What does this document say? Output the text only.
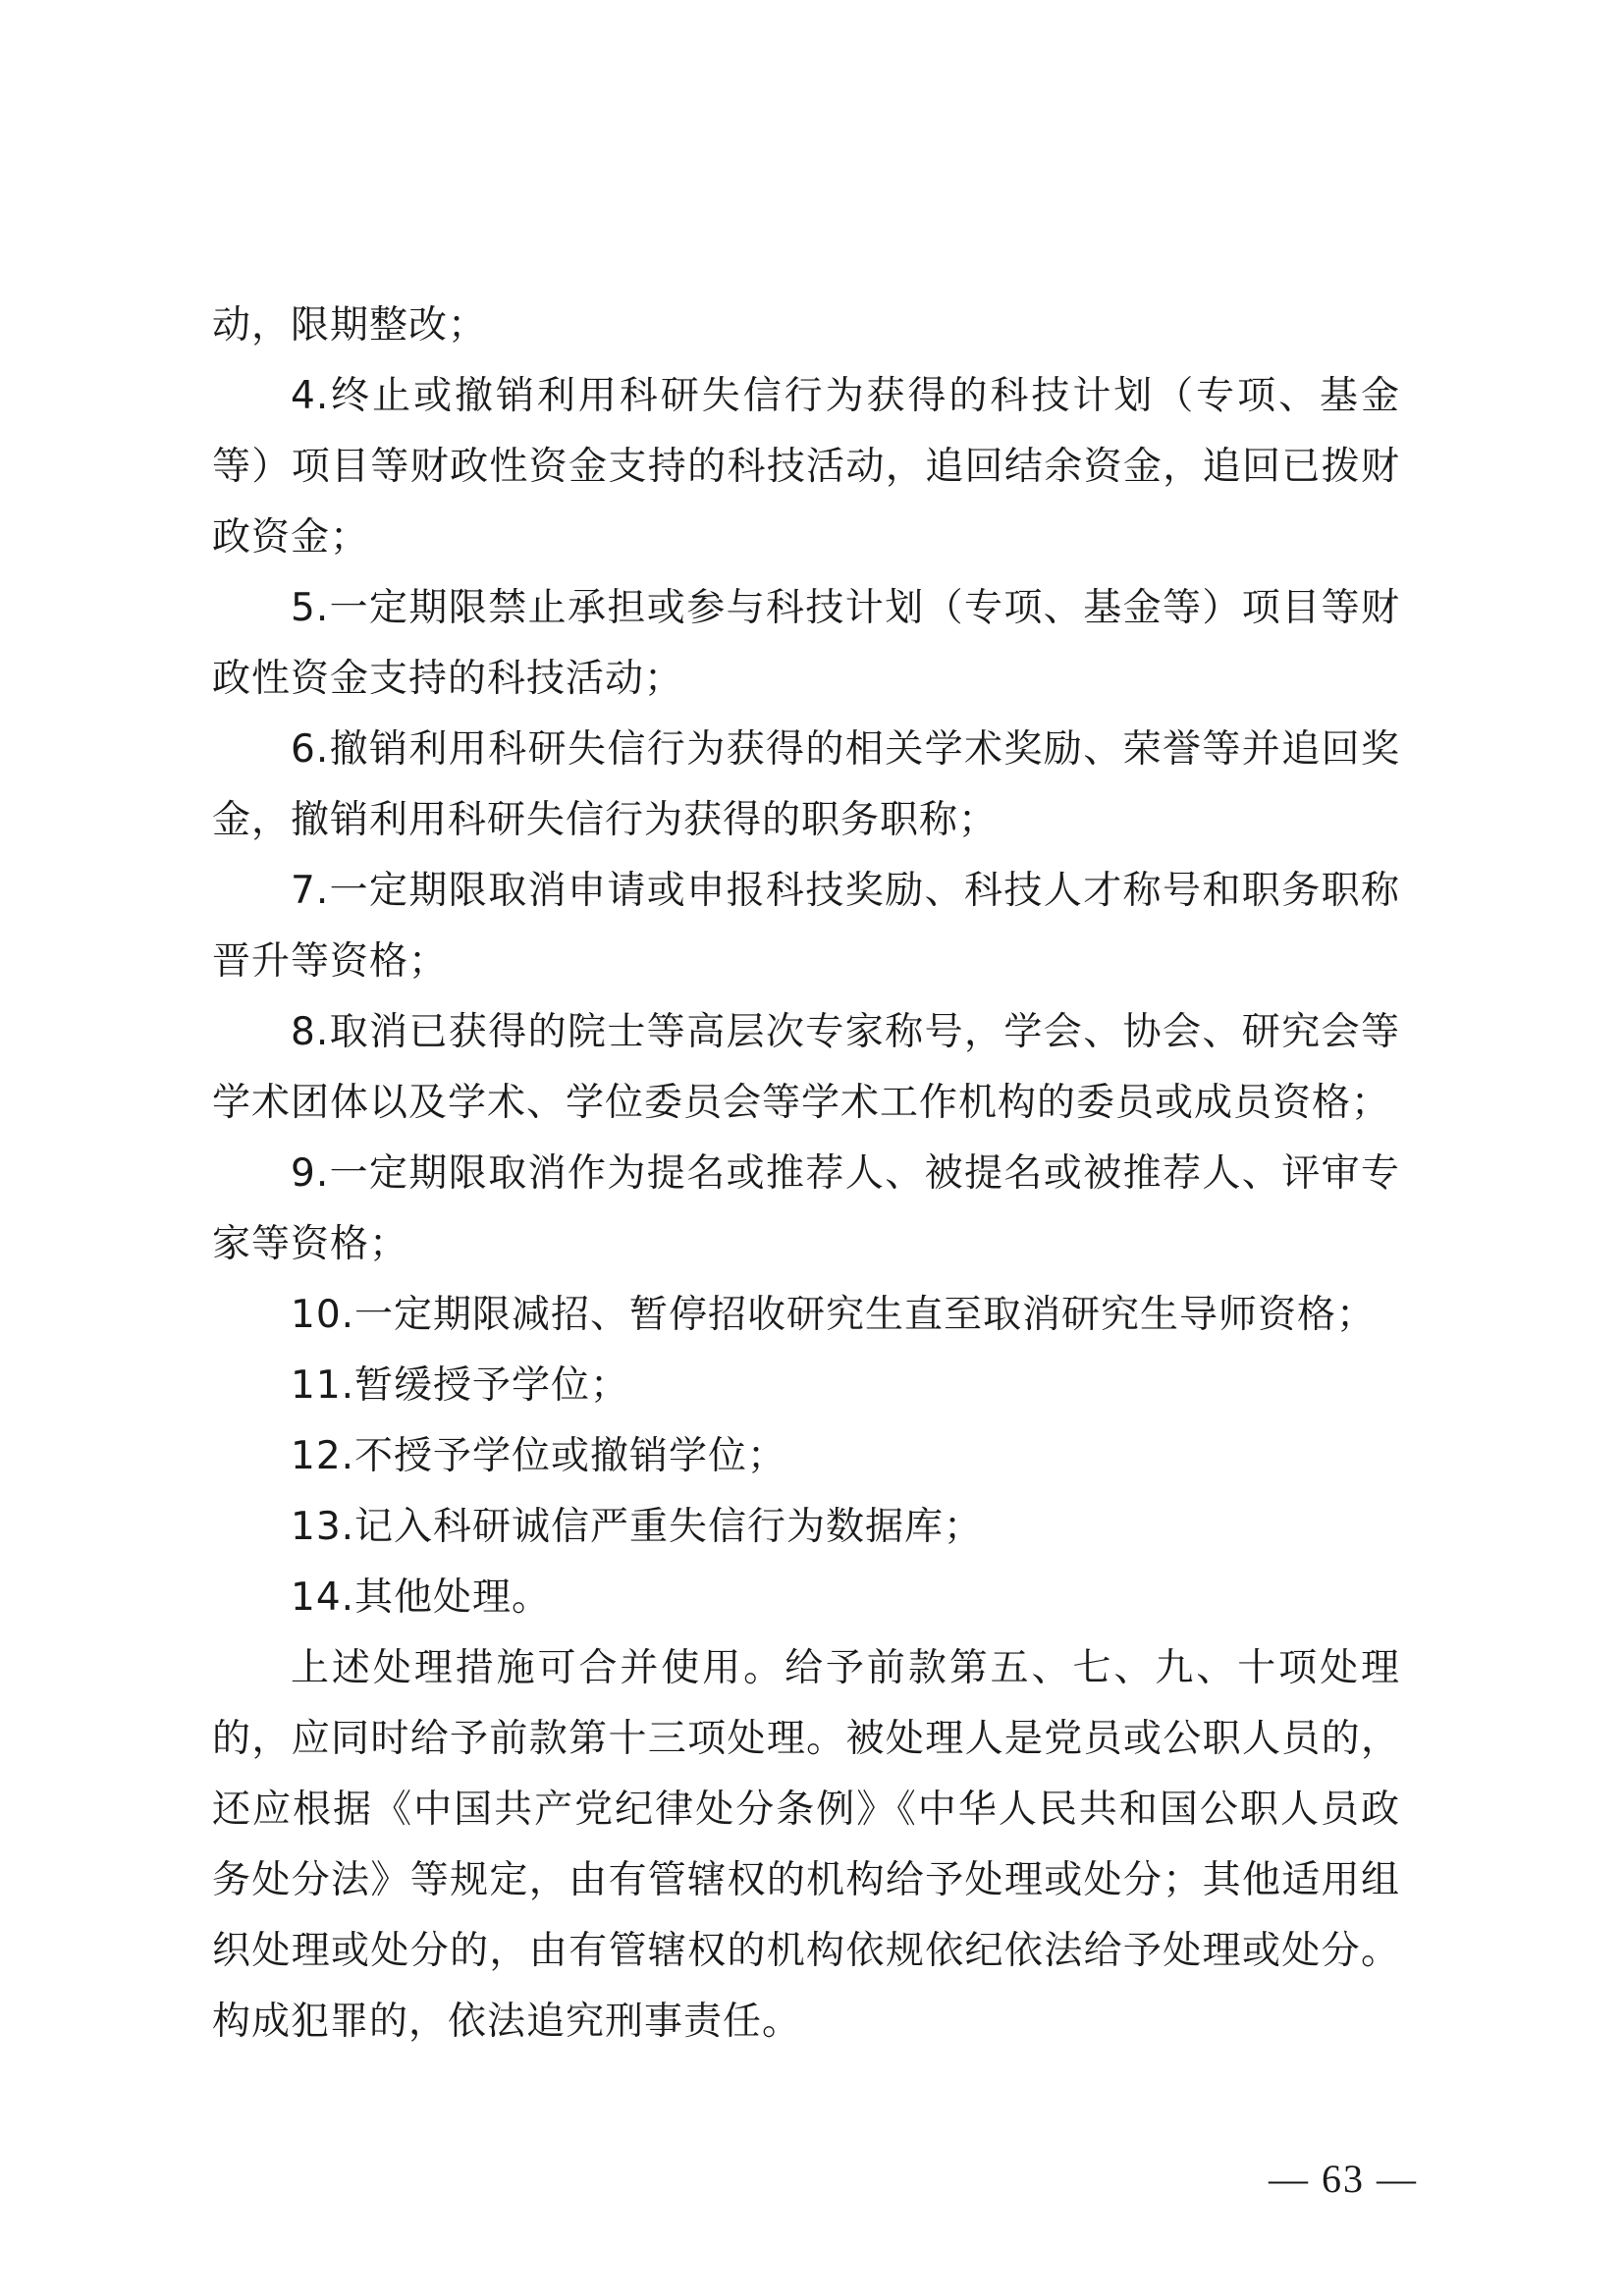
动，限期整改；

4.终止或撤销利用科研失信行为获得的科技计划（专项、基金等）项目等财政性资金支持的科技活动，追回结余资金，追回已拨财政资金；

5.一定期限禁止承担或参与科技计划（专项、基金等）项目等财政性资金支持的科技活动；

6.撤销利用科研失信行为获得的相关学术奖励、荣誉等并追回奖金，撤销利用科研失信行为获得的职务职称；

7.一定期限取消申请或申报科技奖励、科技人才称号和职务职称晋升等资格；

8.取消已获得的院士等高层次专家称号，学会、协会、研究会等学术团体以及学术、学位委员会等学术工作机构的委员或成员资格；

9.一定期限取消作为提名或推荐人、被提名或被推荐人、评审专家等资格；

10.一定期限减招、暂停招收研究生直至取消研究生导师资格；

11.暂缓授予学位；

12.不授予学位或撤销学位；

13.记入科研诚信严重失信行为数据库；

14.其他处理。

上述处理措施可合并使用。给予前款第五、七、九、十项处理的，应同时给予前款第十三项处理。被处理人是党员或公职人员的，还应根据《中国共产党纪律处分条例》《中华人民共和国公职人员政务处分法》等规定，由有管辖权的机构给予处理或处分；其他适用组织处理或处分的，由有管辖权的机构依规依纪依法给予处理或处分。构成犯罪的，依法追究刑事责任。

— 63 —
